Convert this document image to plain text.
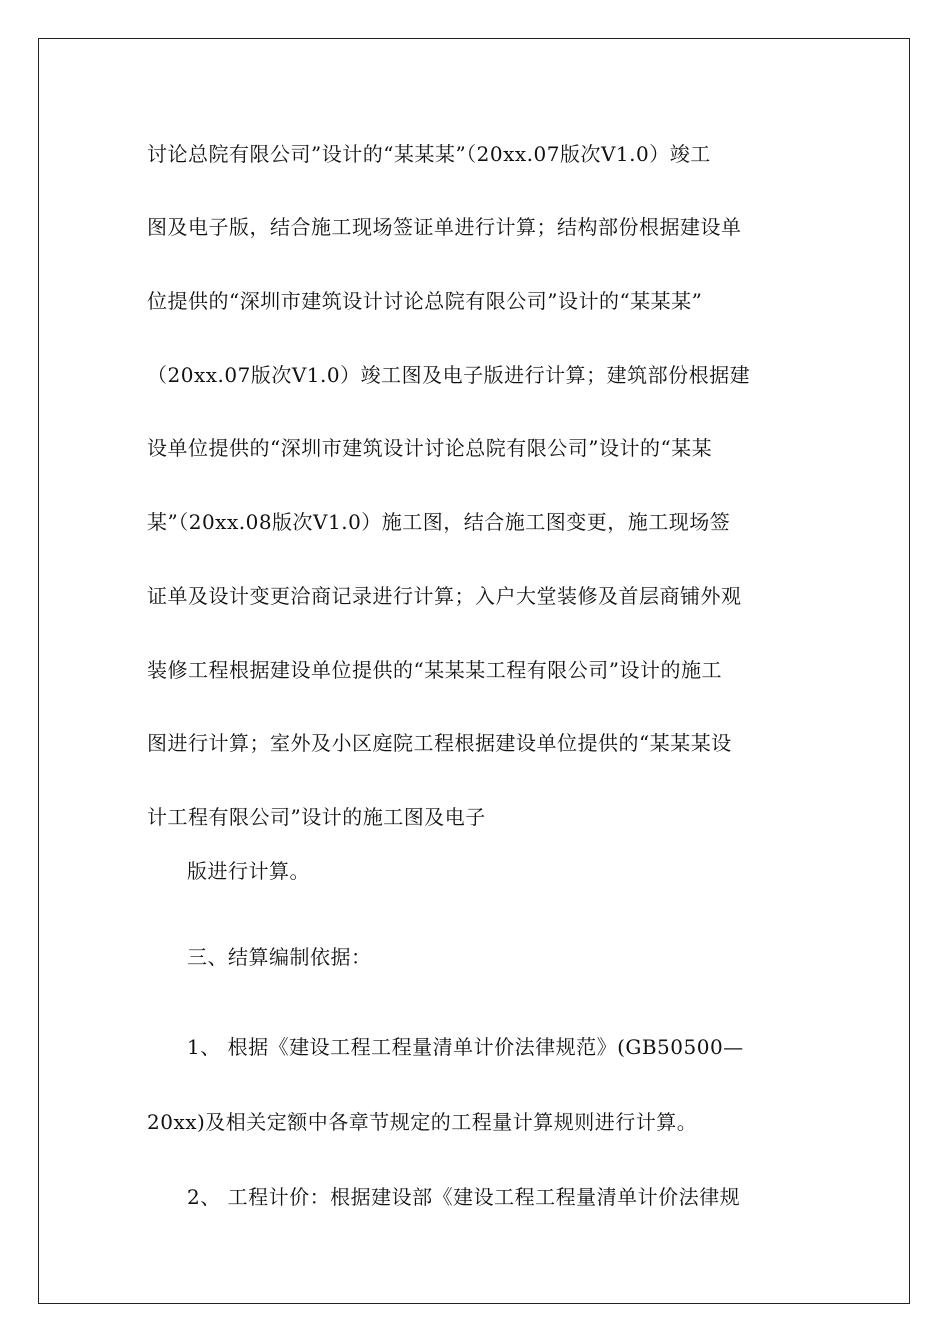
讨论总院有限公司”设计的“某某某”（20xx.07版次V1.0）竣工
图及电子版，结合施工现场签证单进行计算；结构部份根据建设单
位提供的“深圳市建筑设计讨论总院有限公司”设计的“某某某”
（20xx.07版次V1.0）竣工图及电子版进行计算；建筑部份根据建
设单位提供的“深圳市建筑设计讨论总院有限公司”设计的“某某
某”（20xx.08版次V1.0）施工图，结合施工图变更，施工现场签
证单及设计变更洽商记录进行计算；入户大堂装修及首层商铺外观
装修工程根据建设单位提供的“某某某工程有限公司”设计的施工
图进行计算；室外及小区庭院工程根据建设单位提供的“某某某设
计工程有限公司”设计的施工图及电子
版进行计算。
三、结算编制依据：
1、 根据《建设工程工程量清单计价法律规范》(GB50500—
20xx)及相关定额中各章节规定的工程量计算规则进行计算。
2、 工程计价：根据建设部《建设工程工程量清单计价法律规
